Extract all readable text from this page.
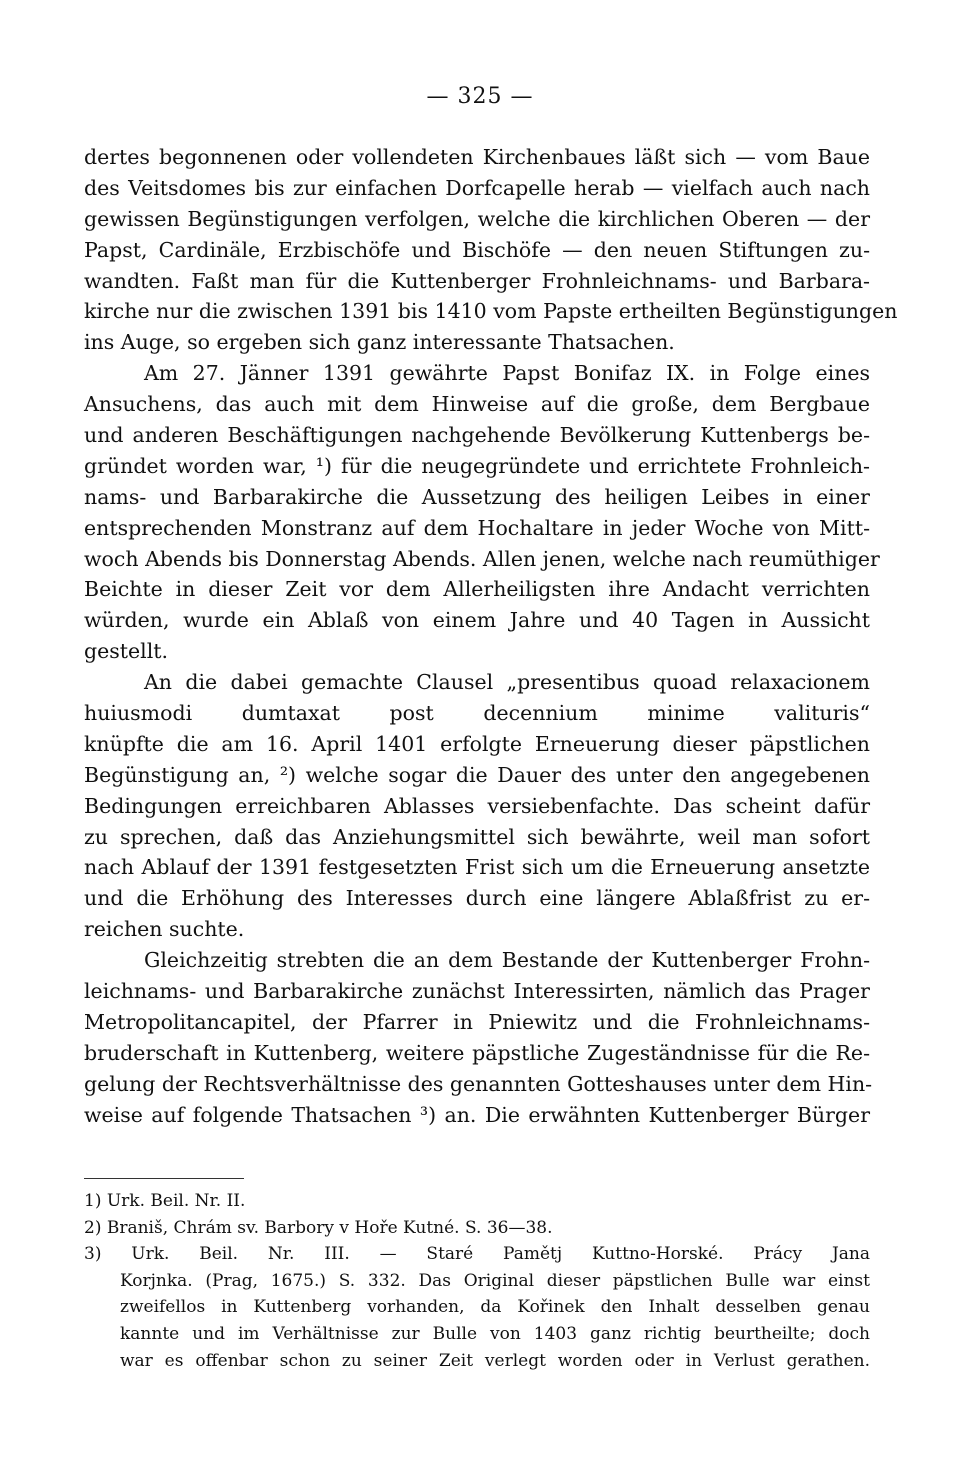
— 325 —
dertes begonnenen oder vollendeten Kirchenbaues läßt sich — vom Baue
des Veitsdomes bis zur einfachen Dorfcapelle herab — vielfach auch nach
gewissen Begünstigungen verfolgen, welche die kirchlichen Oberen — der
Papst, Cardinäle, Erzbischöfe und Bischöfe — den neuen Stiftungen zu-
wandten. Faßt man für die Kuttenberger Frohnleichnams- und Barbara-
kirche nur die zwischen 1391 bis 1410 vom Papste ertheilten Begünstigungen
ins Auge, so ergeben sich ganz interessante Thatsachen.
Am 27. Jänner 1391 gewährte Papst Bonifaz IX. in Folge eines
Ansuchens, das auch mit dem Hinweise auf die große, dem Bergbaue
und anderen Beschäftigungen nachgehende Bevölkerung Kuttenbergs be-
gründet worden war, ¹) für die neugegründete und errichtete Frohnleich-
nams- und Barbarakirche die Aussetzung des heiligen Leibes in einer
entsprechenden Monstranz auf dem Hochaltare in jeder Woche von Mitt-
woch Abends bis Donnerstag Abends. Allen jenen, welche nach reumüthiger
Beichte in dieser Zeit vor dem Allerheiligsten ihre Andacht verrichten
würden, wurde ein Ablaß von einem Jahre und 40 Tagen in Aussicht
gestellt.
An die dabei gemachte Clausel „presentibus quoad relaxacionem
huiusmodi dumtaxat post decennium minime valituris“
knüpfte die am 16. April 1401 erfolgte Erneuerung dieser päpstlichen
Begünstigung an, ²) welche sogar die Dauer des unter den angegebenen
Bedingungen erreichbaren Ablasses versiebenfachte. Das scheint dafür
zu sprechen, daß das Anziehungsmittel sich bewährte, weil man sofort
nach Ablauf der 1391 festgesetzten Frist sich um die Erneuerung ansetzte
und die Erhöhung des Interesses durch eine längere Ablaßfrist zu er-
reichen suchte.
Gleichzeitig strebten die an dem Bestande der Kuttenberger Frohn-
leichnams- und Barbarakirche zunächst Interessirten, nämlich das Prager
Metropolitancapitel, der Pfarrer in Pniewitz und die Frohnleichnams-
bruderschaft in Kuttenberg, weitere päpstliche Zugeständnisse für die Re-
gelung der Rechtsverhältnisse des genannten Gotteshauses unter dem Hin-
weise auf folgende Thatsachen ³) an. Die erwähnten Kuttenberger Bürger
1) Urk. Beil. Nr. II.
2) Braniš, Chrám sv. Barbory v Hoře Kutné. S. 36—38.
3) Urk. Beil. Nr. III. — Staré Pamětj Kuttno-Horské. Prácy Jana
Korjnka. (Prag, 1675.) S. 332. Das Original dieser päpstlichen Bulle war einst
zweifellos in Kuttenberg vorhanden, da Kořinek den Inhalt desselben genau
kannte und im Verhältnisse zur Bulle von 1403 ganz richtig beurtheilte; doch
war es offenbar schon zu seiner Zeit verlegt worden oder in Verlust gerathen.
